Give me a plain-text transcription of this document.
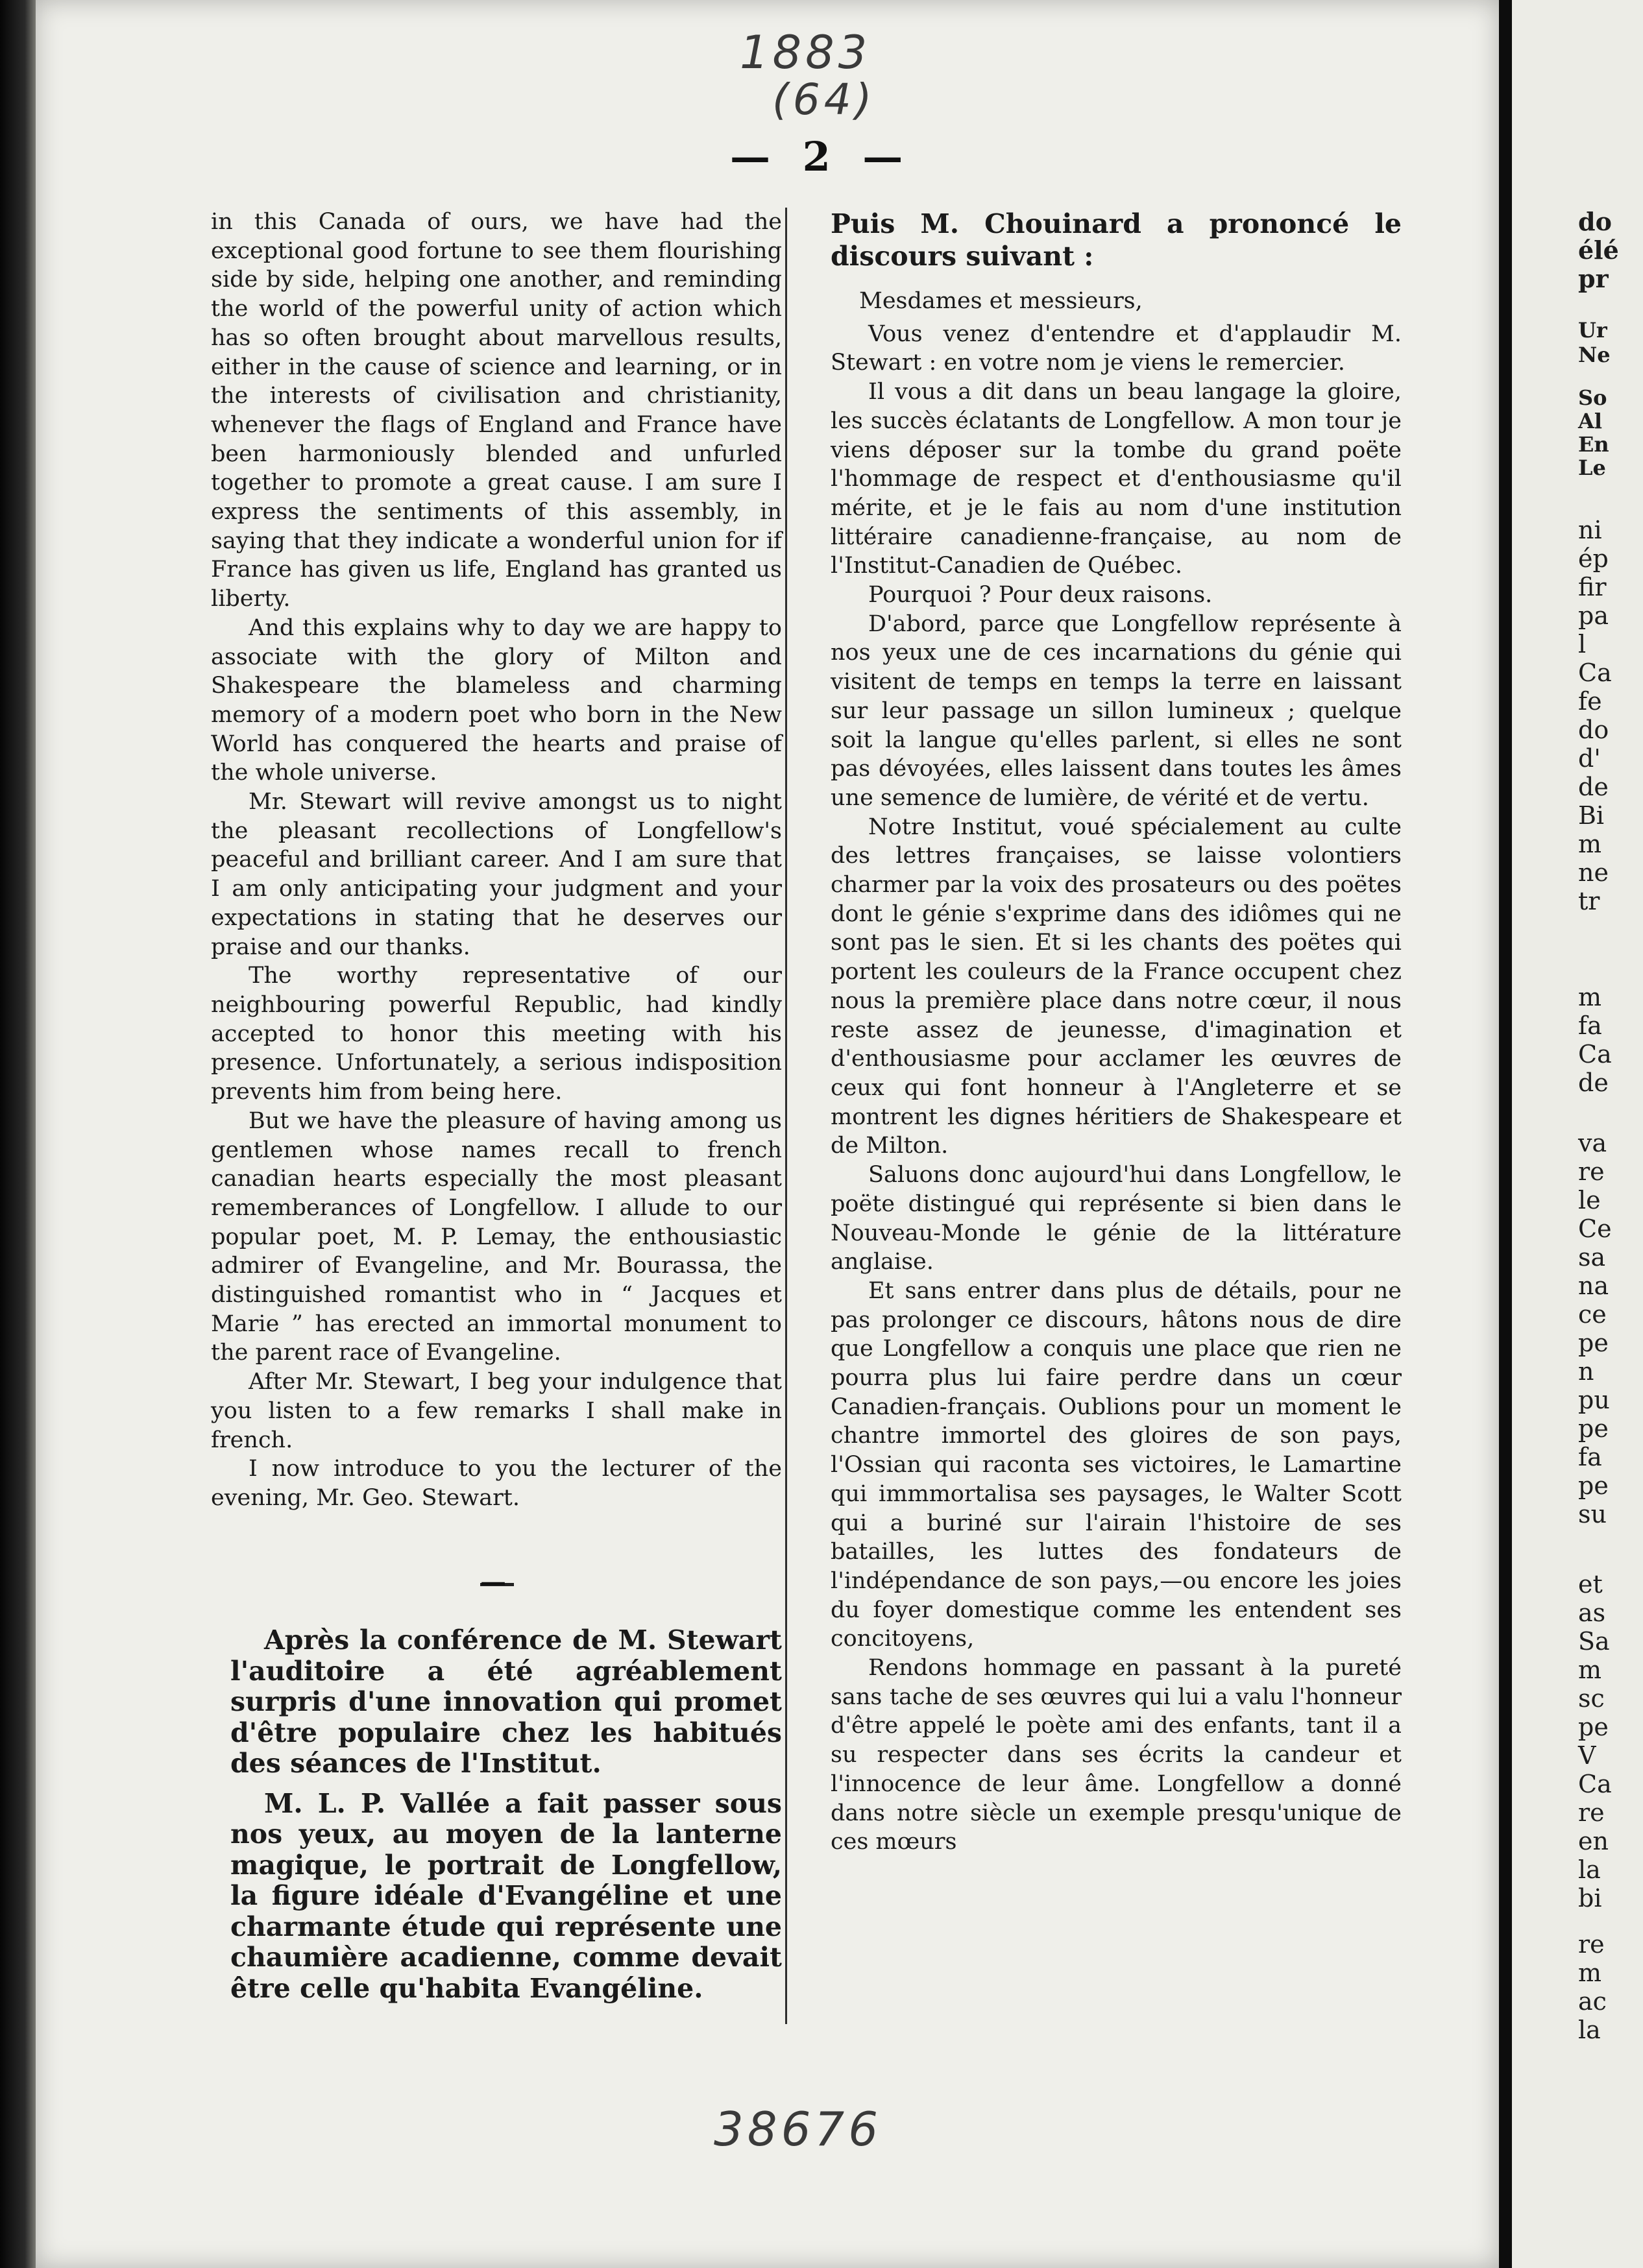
1883
(64)
— 2 —

in this Canada of ours, we have had the exceptional good fortune to see them flourishing side by side, helping one another, and reminding the world of the powerful unity of action which has so often brought about marvellous results, either in the cause of science and learning, or in the interests of civilisation and christianity, whenever the flags of England and France have been harmoniously blended and unfurled together to promote a great cause. I am sure I express the sentiments of this assembly, in saying that they indicate a wonderful union for if France has given us life, England has granted us liberty.

And this explains why to day we are happy to associate with the glory of Milton and Shakespeare the blameless and charming memory of a modern poet who born in the New World has conquered the hearts and praise of the whole universe.

Mr. Stewart will revive amongst us to night the pleasant recollections of Longfellow's peaceful and brilliant career. And I am sure that I am only anticipating your judgment and your expectations in stating that he deserves our praise and our thanks.

The worthy representative of our neighbouring powerful Republic, had kindly accepted to honor this meeting with his presence. Unfortunately, a serious indisposition prevents him from being here.

But we have the pleasure of having among us gentlemen whose names recall to french canadian hearts especially the most pleasant rememberances of Longfellow. I allude to our popular poet, M. P. Lemay, the enthousiastic admirer of Evangeline, and Mr. Bourassa, the distinguished romantist who in “ Jacques et Marie ” has erected an immortal monument to the parent race of Evangeline.

After Mr. Stewart, I beg your indulgence that you listen to a few remarks I shall make in french.

I now introduce to you the lecturer of the evening, Mr. Geo. Stewart.

Après la conférence de M. Stewart l'auditoire a été agréablement surpris d'une innovation qui promet d'être populaire chez les habitués des séances de l'Institut.

M. L. P. Vallée a fait passer sous nos yeux, au moyen de la lanterne magique, le portrait de Longfellow, la figure idéale d'Evangéline et une charmante étude qui représente une chaumière acadienne, comme devait être celle qu'habita Evangéline.

Puis M. Chouinard a prononcé le discours suivant :

Mesdames et messieurs,

Vous venez d'entendre et d'applaudir M. Stewart : en votre nom je viens le remercier.

Il vous a dit dans un beau langage la gloire, les succès éclatants de Longfellow. A mon tour je viens déposer sur la tombe du grand poëte l'hommage de respect et d'enthousiasme qu'il mérite, et je le fais au nom d'une institution littéraire canadienne-française, au nom de l'Institut-Canadien de Québec.

Pourquoi ? Pour deux raisons.

D'abord, parce que Longfellow représente à nos yeux une de ces incarnations du génie qui visitent de temps en temps la terre en laissant sur leur passage un sillon lumineux ; quelque soit la langue qu'elles parlent, si elles ne sont pas dévoyées, elles laissent dans toutes les âmes une semence de lumière, de vérité et de vertu.

Notre Institut, voué spécialement au culte des lettres françaises, se laisse volontiers charmer par la voix des prosateurs ou des poëtes dont le génie s'exprime dans des idiômes qui ne sont pas le sien. Et si les chants des poëtes qui portent les couleurs de la France occupent chez nous la première place dans notre cœur, il nous reste assez de jeunesse, d'imagination et d'enthousiasme pour acclamer les œuvres de ceux qui font honneur à l'Angleterre et se montrent les dignes héritiers de Shakespeare et de Milton.

Saluons donc aujourd'hui dans Longfellow, le poëte distingué qui représente si bien dans le Nouveau-Monde le génie de la littérature anglaise.

Et sans entrer dans plus de détails, pour ne pas prolonger ce discours, hâtons nous de dire que Longfellow a conquis une place que rien ne pourra plus lui faire perdre dans un cœur Canadien-français. Oublions pour un moment le chantre immortel des gloires de son pays, l'Ossian qui raconta ses victoires, le Lamartine qui immmortalisa ses paysages, le Walter Scott qui a buriné sur l'airain l'histoire de ses batailles, les luttes des fondateurs de l'indépendance de son pays,—ou encore les joies du foyer domestique comme les entendent ses concitoyens,

Rendons hommage en passant à la pureté sans tache de ses œuvres qui lui a valu l'honneur d'être appelé le poète ami des enfants, tant il a su respecter dans ses écrits la candeur et l'innocence de leur âme. Longfellow a donné dans notre siècle un exemple presqu'unique de ces mœurs

38676
do
élé
pr
Ur
Ne
So
Al
En
Le
ni
ép
fir
pa
l
Ca
fe
do
d'
de
Bi
m
ne
tr
m
fa
Ca
de
va
re
le
Ce
sa
na
ce
pe
n
pu
pe
fa
pe
su
et
as
Sa
m
sc
pe
V
Ca
re
en
la
bi
re
m
ac
la
—
